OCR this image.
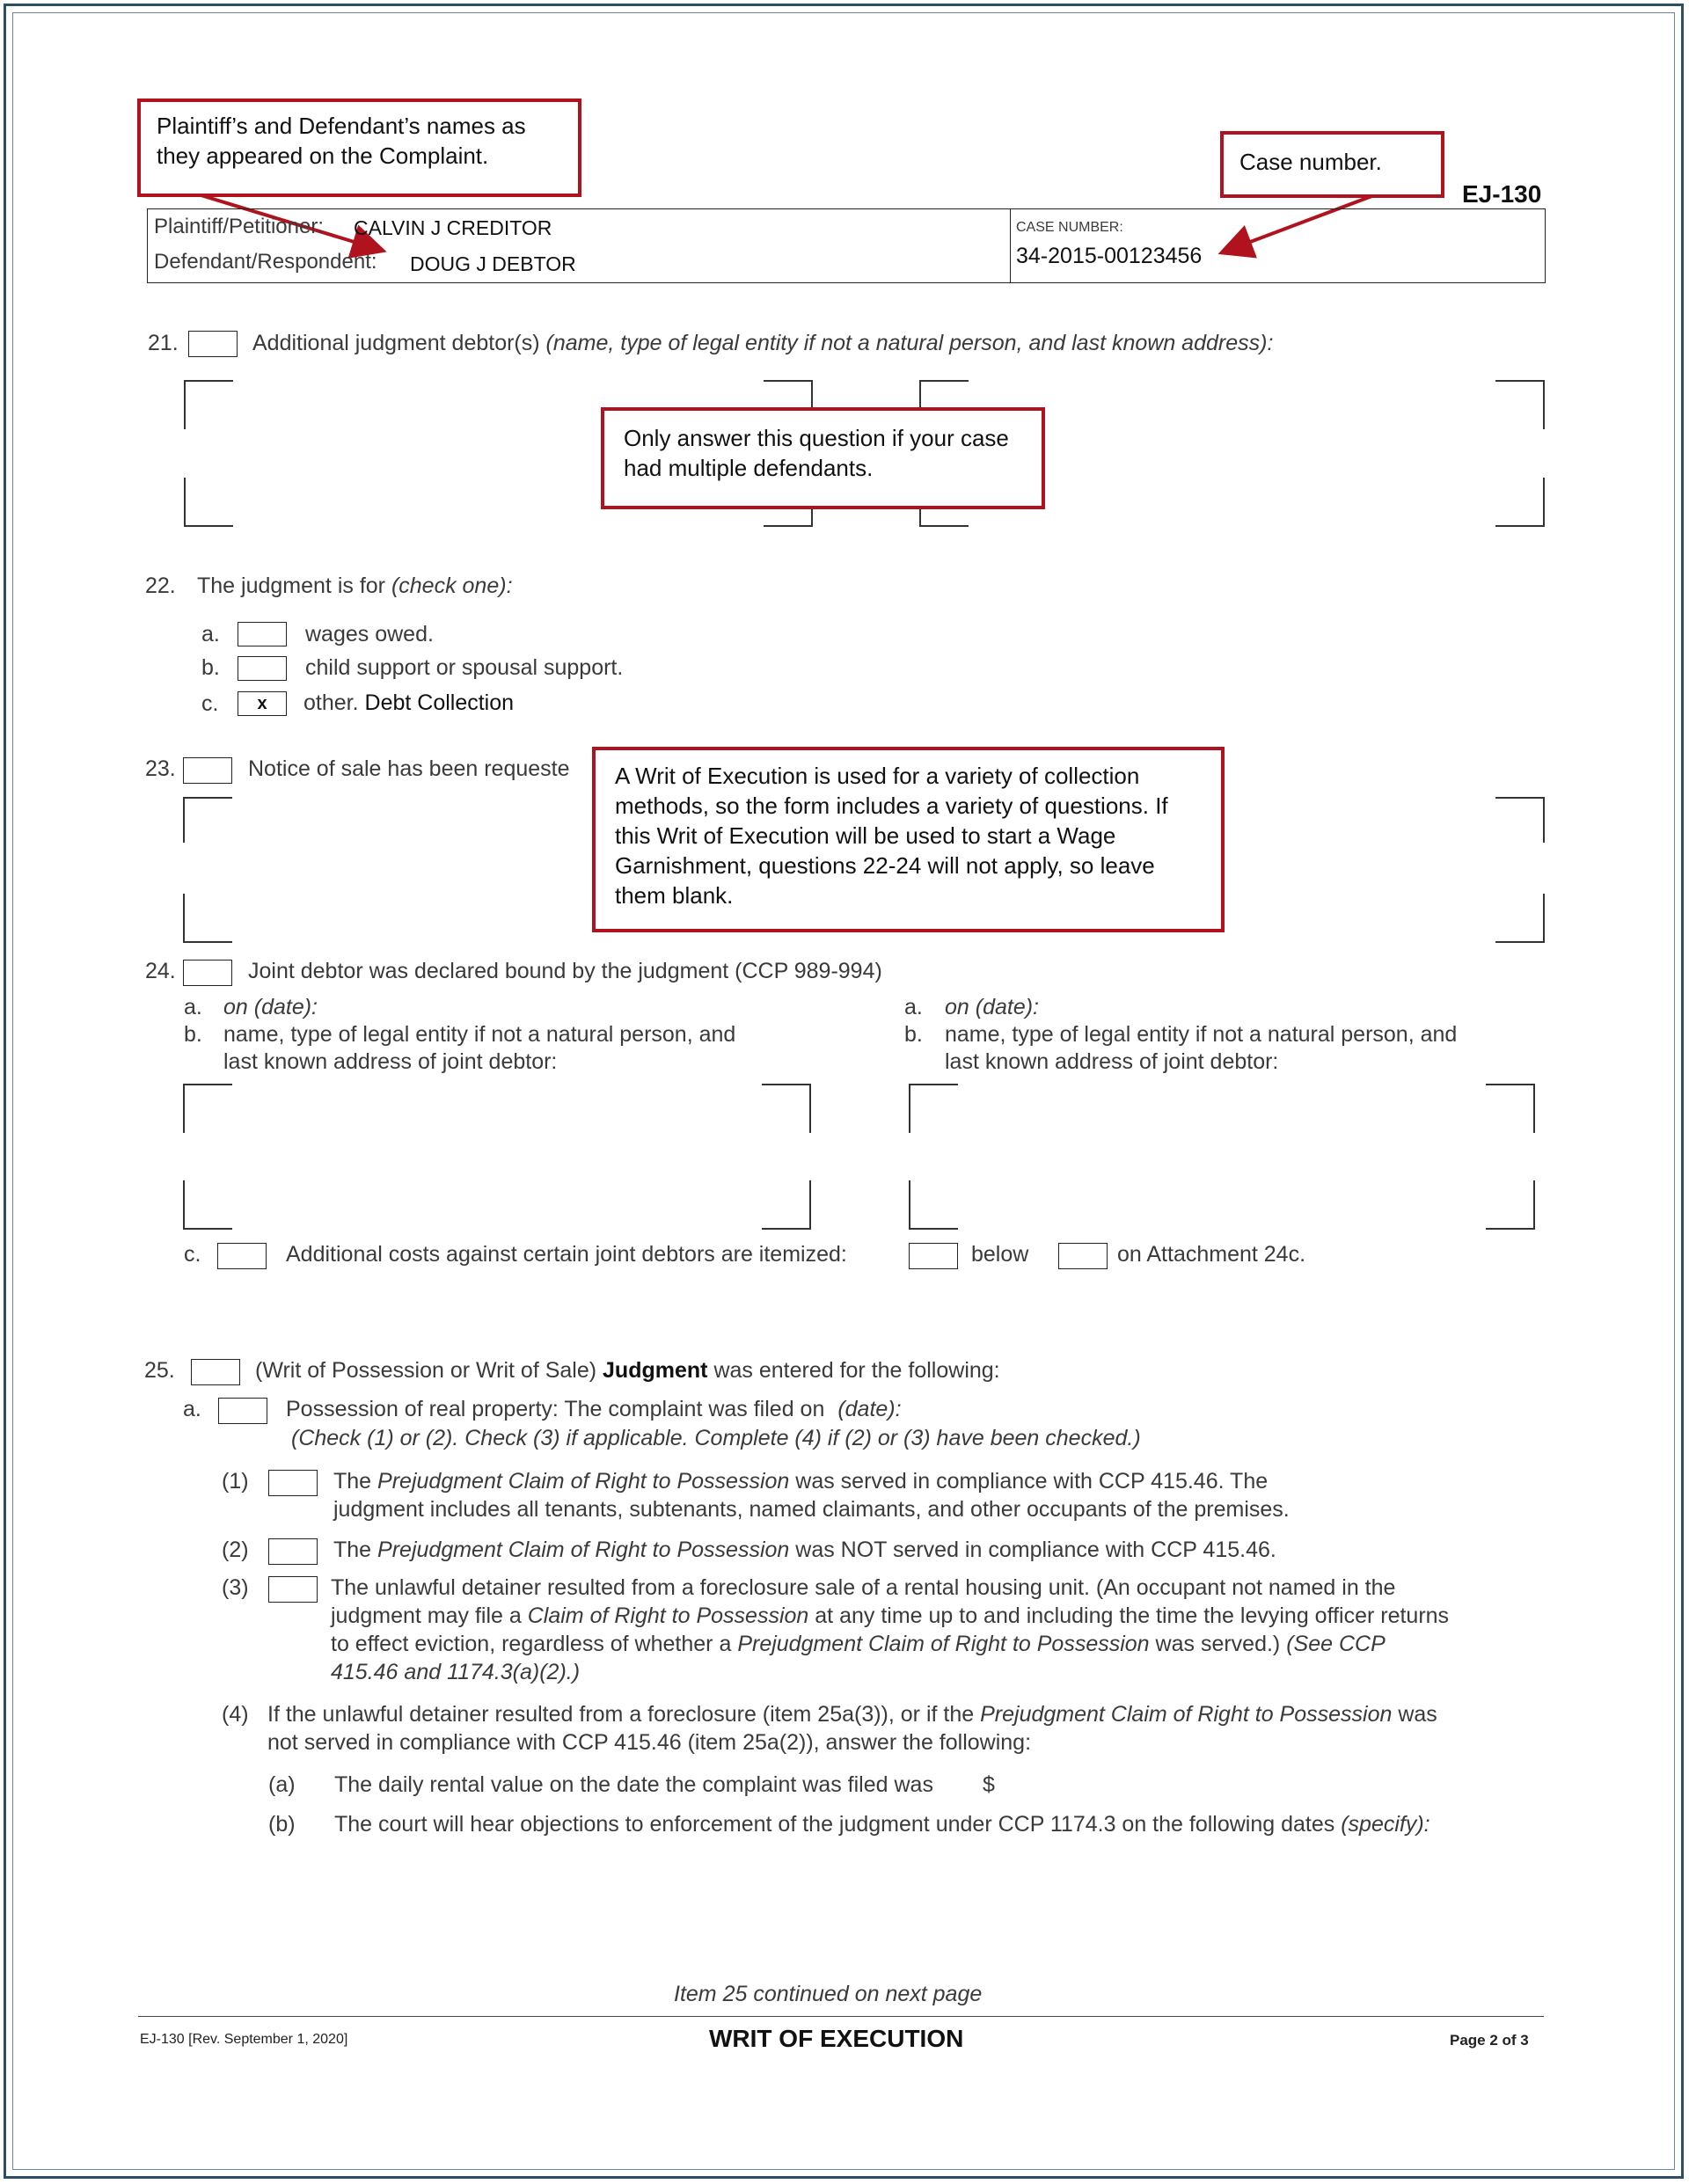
Plaintiff’s and Defendant’s names as they appeared on the Complaint.	Case number.
EJ-130
Plaintiff/Petitioner: CALVIN J CREDITOR
Defendant/Respondent: DOUG J DEBTOR
CASE NUMBER:
34-2015-00123456
21.	Additional judgment debtor(s) (name, type of legal entity if not a natural person, and last known address):
Only answer this question if your case had multiple defendants.
22. The judgment is for (check one):
a.	wages owed.
b.	child support or spousal support.
c. x other. Debt Collection
23.	Notice of sale has been requeste	A Writ of Execution is used for a variety of collection methods, so the form includes a variety of questions. If this Writ of Execution will be used to start a Wage Garnishment, questions 22-24 will not apply, so leave them blank.
24.	Joint debtor was declared bound by the judgment (CCP 989-994)
a. on (date):
b. name, type of legal entity if not a natural person, and
last known address of joint debtor:
a. on (date):
b. name, type of legal entity if not a natural person, and
last known address of joint debtor:
c.	Additional costs against certain joint debtors are itemized:	below	on Attachment 24c.
25.	(Writ of Possession or Writ of Sale) Judgment was entered for the following:
a.	Possession of real property: The complaint was filed on (date):
(Check (1) or (2). Check (3) if applicable. Complete (4) if (2) or (3) have been checked.)
(1)	The Prejudgment Claim of Right to Possession was served in compliance with CCP 415.46. The
judgment includes all tenants, subtenants, named claimants, and other occupants of the premises.
(2)	The Prejudgment Claim of Right to Possession was NOT served in compliance with CCP 415.46.
(3)	The unlawful detainer resulted from a foreclosure sale of a rental housing unit. (An occupant not named in the
judgment may file a Claim of Right to Possession at any time up to and including the time the levying officer returns
to effect eviction, regardless of whether a Prejudgment Claim of Right to Possession was served.) (See CCP
415.46 and 1174.3(a)(2).)
(4) If the unlawful detainer resulted from a foreclosure (item 25a(3)), or if the Prejudgment Claim of Right to Possession was
not served in compliance with CCP 415.46 (item 25a(2)), answer the following:
(a) The daily rental value on the date the complaint was filed was $
(b) The court will hear objections to enforcement of the judgment under CCP 1174.3 on the following dates (specify):
Item 25 continued on next page
EJ-130 [Rev. September 1, 2020]	WRIT OF EXECUTION	Page 2 of 3
